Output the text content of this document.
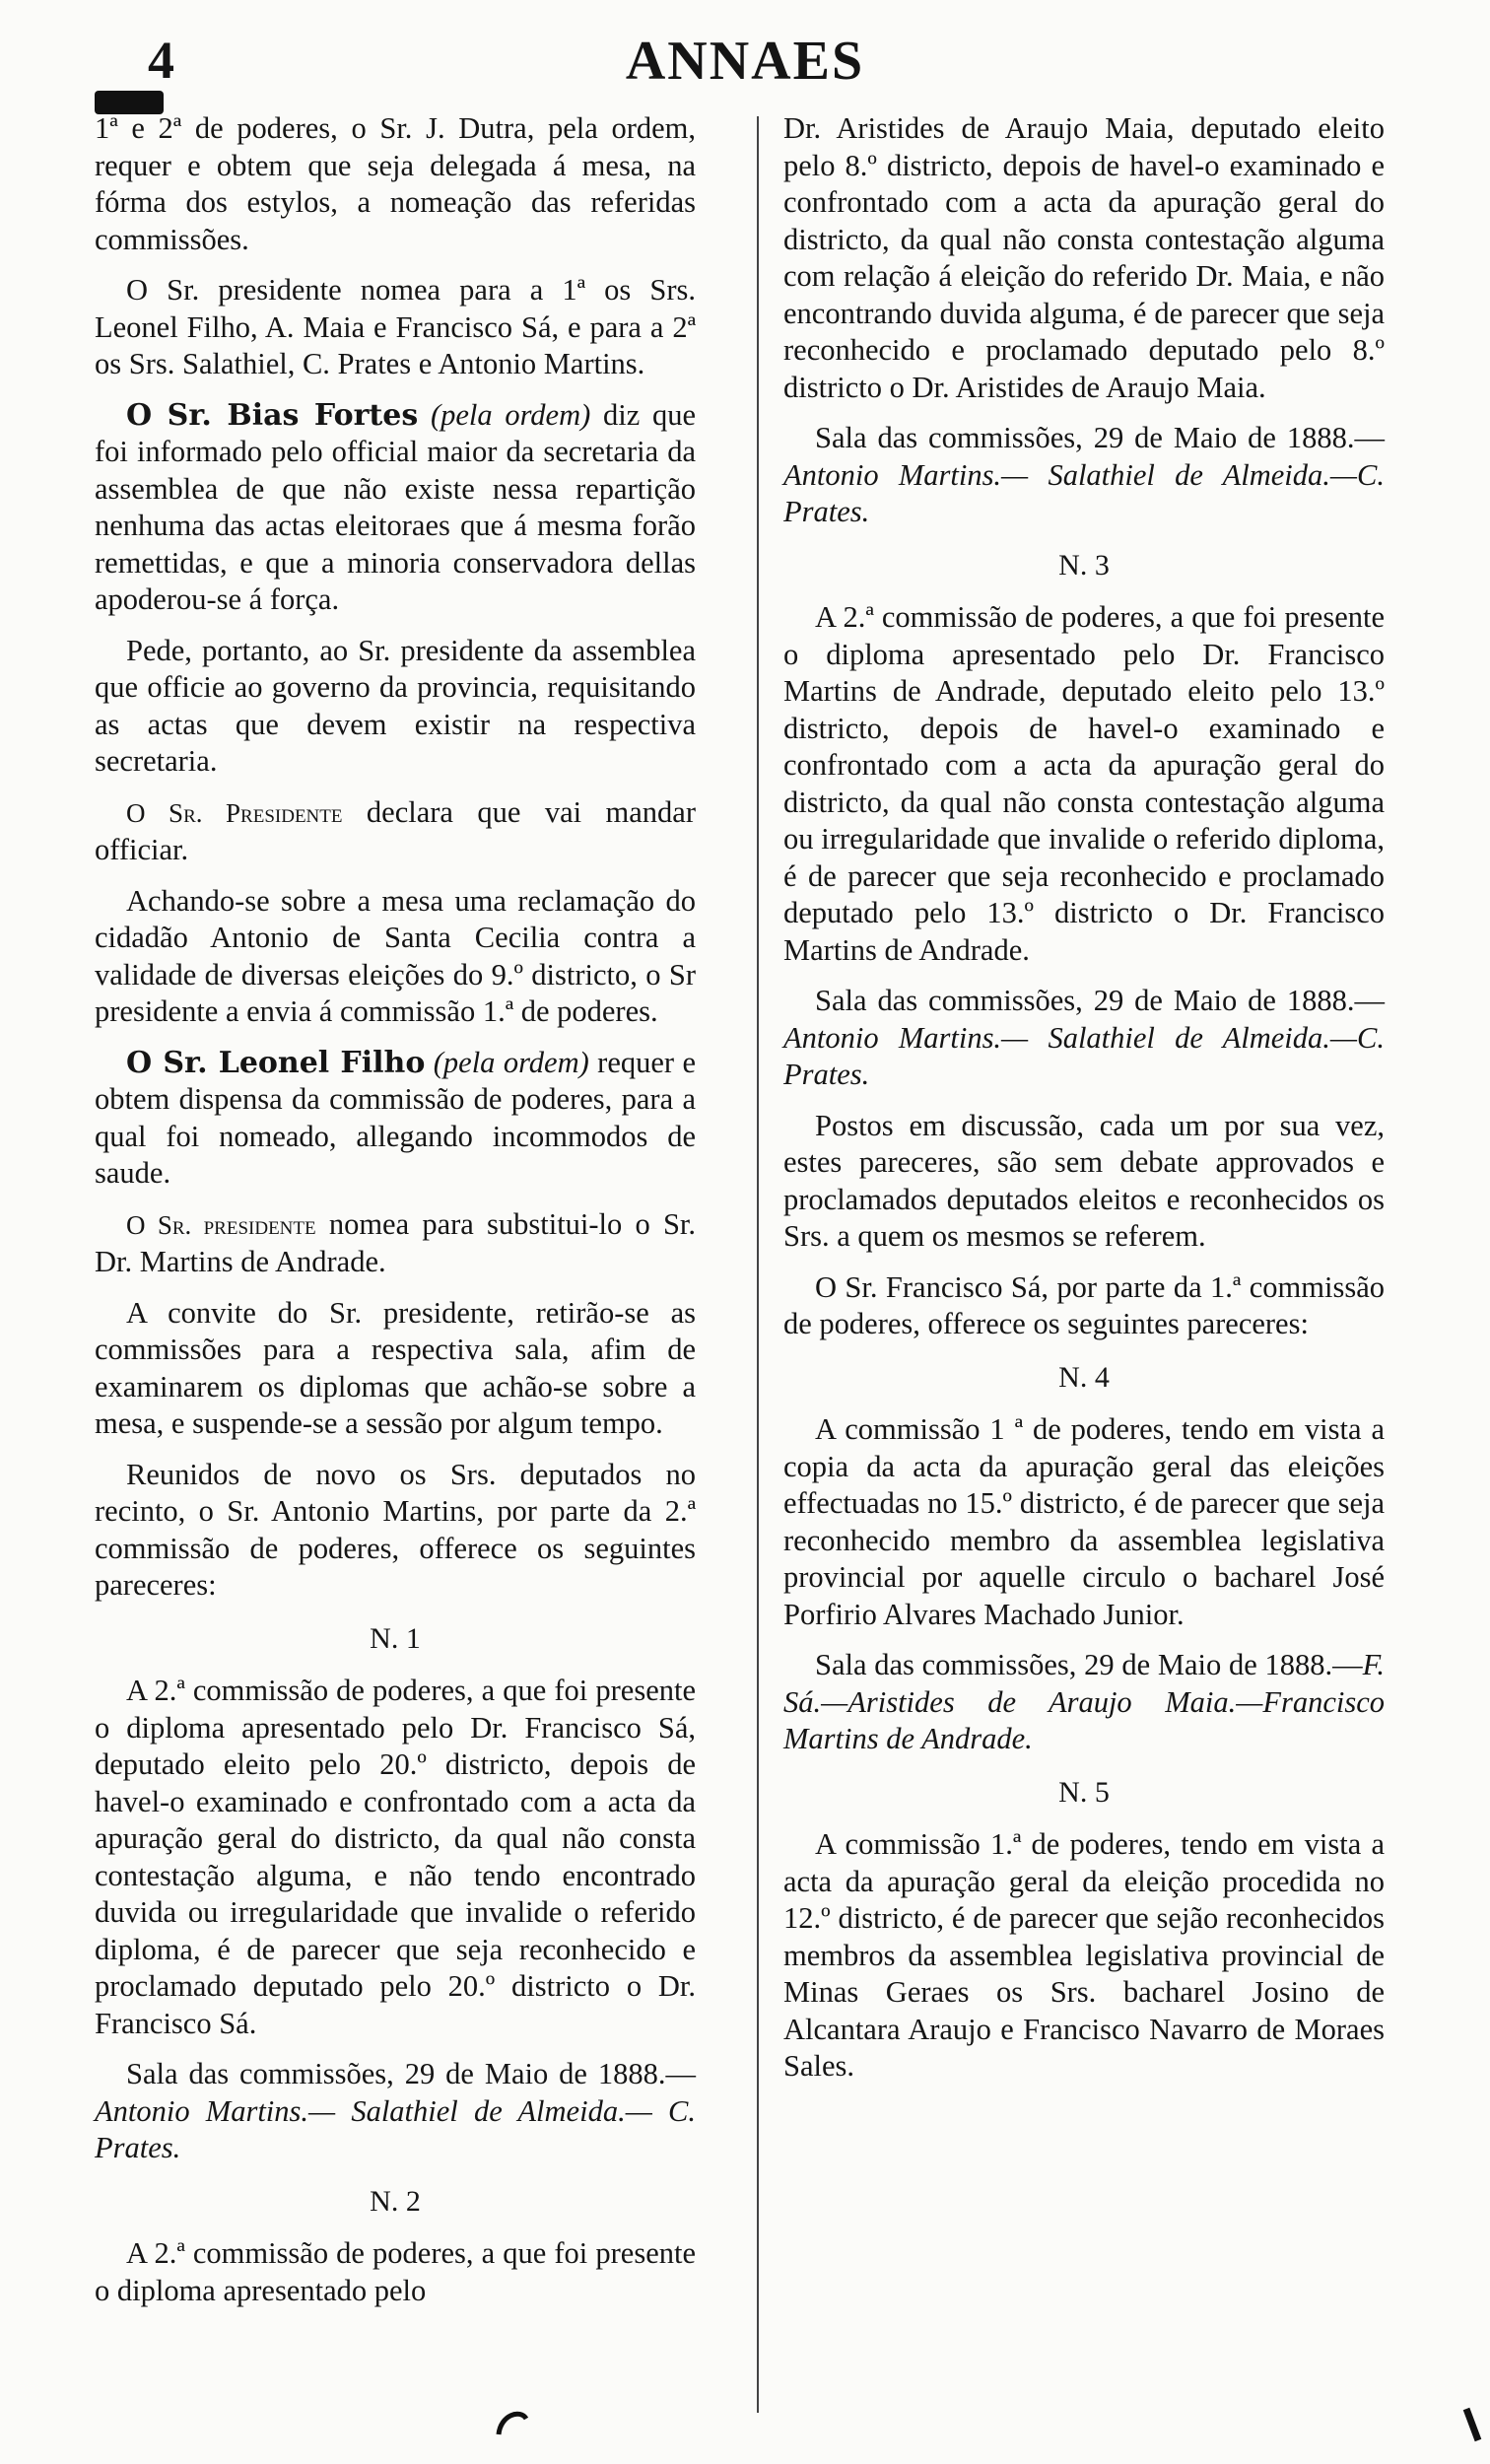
4	ANNAES

1ª e 2ª de poderes, o Sr. J. Dutra, pela ordem, requer e obtem que seja delegada á mesa, na fórma dos estylos, a nomeação das referidas commissões.

O Sr. presidente nomea para a 1ª os Srs. Leonel Filho, A. Maia e Francisco Sá, e para a 2ª os Srs. Salathiel, C. Prates e Antonio Martins.

O Sr. Bias Fortes (pela ordem) diz que foi informado pelo official maior da secretaria da assemblea de que não existe nessa repartição nenhuma das actas eleitoraes que á mesma forão remettidas, e que a minoria conservadora dellas apoderou-se á força.

Pede, portanto, ao Sr. presidente da assemblea que officie ao governo da provincia, requisitando as actas que devem existir na respectiva secretaria.

O Sr. Presidente declara que vai mandar officiar.

Achando-se sobre a mesa uma reclamação do cidadão Antonio de Santa Cecilia contra a validade de diversas eleições do 9.º districto, o Sr presidente a envia á commissão 1.ª de poderes.

O Sr. Leonel Filho (pela ordem) requer e obtem dispensa da commissão de poderes, para a qual foi nomeado, allegando incommodos de saude.

O Sr. presidente nomea para substitui-lo o Sr. Dr. Martins de Andrade.

A convite do Sr. presidente, retirão-se as commissões para a respectiva sala, afim de examinarem os diplomas que achão-se sobre a mesa, e suspende-se a sessão por algum tempo.

Reunidos de novo os Srs. deputados no recinto, o Sr. Antonio Martins, por parte da 2.ª commissão de poderes, offerece os seguintes pareceres:

N. 1

A 2.ª commissão de poderes, a que foi presente o diploma apresentado pelo Dr. Francisco Sá, deputado eleito pelo 20.º districto, depois de havel-o examinado e confrontado com a acta da apuração geral do districto, da qual não consta contestação alguma, e não tendo encontrado duvida ou irregularidade que invalide o referido diploma, é de parecer que seja reconhecido e proclamado deputado pelo 20.º districto o Dr. Francisco Sá.

Sala das commissões, 29 de Maio de 1888.— Antonio Martins.— Salathiel de Almeida.— C. Prates.

N. 2

A 2.ª commissão de poderes, a que foi presente o diploma apresentado pelo

Dr. Aristides de Araujo Maia, deputado eleito pelo 8.º districto, depois de havel-o examinado e confrontado com a acta da apuração geral do districto, da qual não consta contestação alguma com relação á eleição do referido Dr. Maia, e não encontrando duvida alguma, é de parecer que seja reconhecido e proclamado deputado pelo 8.º districto o Dr. Aristides de Araujo Maia.

Sala das commissões, 29 de Maio de 1888.— Antonio Martins.— Salathiel de Almeida.—C. Prates.

N. 3

A 2.ª commissão de poderes, a que foi presente o diploma apresentado pelo Dr. Francisco Martins de Andrade, deputado eleito pelo 13.º districto, depois de havel-o examinado e confrontado com a acta da apuração geral do districto, da qual não consta contestação alguma ou irregularidade que invalide o referido diploma, é de parecer que seja reconhecido e proclamado deputado pelo 13.º districto o Dr. Francisco Martins de Andrade.

Sala das commissões, 29 de Maio de 1888.— Antonio Martins.— Salathiel de Almeida.—C. Prates.

Postos em discussão, cada um por sua vez, estes pareceres, são sem debate approvados e proclamados deputados eleitos e reconhecidos os Srs. a quem os mesmos se referem.

O Sr. Francisco Sá, por parte da 1.ª commissão de poderes, offerece os seguintes pareceres:

N. 4

A commissão 1 ª de poderes, tendo em vista a copia da acta da apuração geral das eleições effectuadas no 15.º districto, é de parecer que seja reconhecido membro da assemblea legislativa provincial por aquelle circulo o bacharel José Porfirio Alvares Machado Junior.

Sala das commissões, 29 de Maio de 1888.—F. Sá.—Aristides de Araujo Maia.—Francisco Martins de Andrade.

N. 5

A commissão 1.ª de poderes, tendo em vista a acta da apuração geral da eleição procedida no 12.º districto, é de parecer que sejão reconhecidos membros da assemblea legislativa provincial de Minas Geraes os Srs. bacharel Josino de Alcantara Araujo e Francisco Navarro de Moraes Sales.
